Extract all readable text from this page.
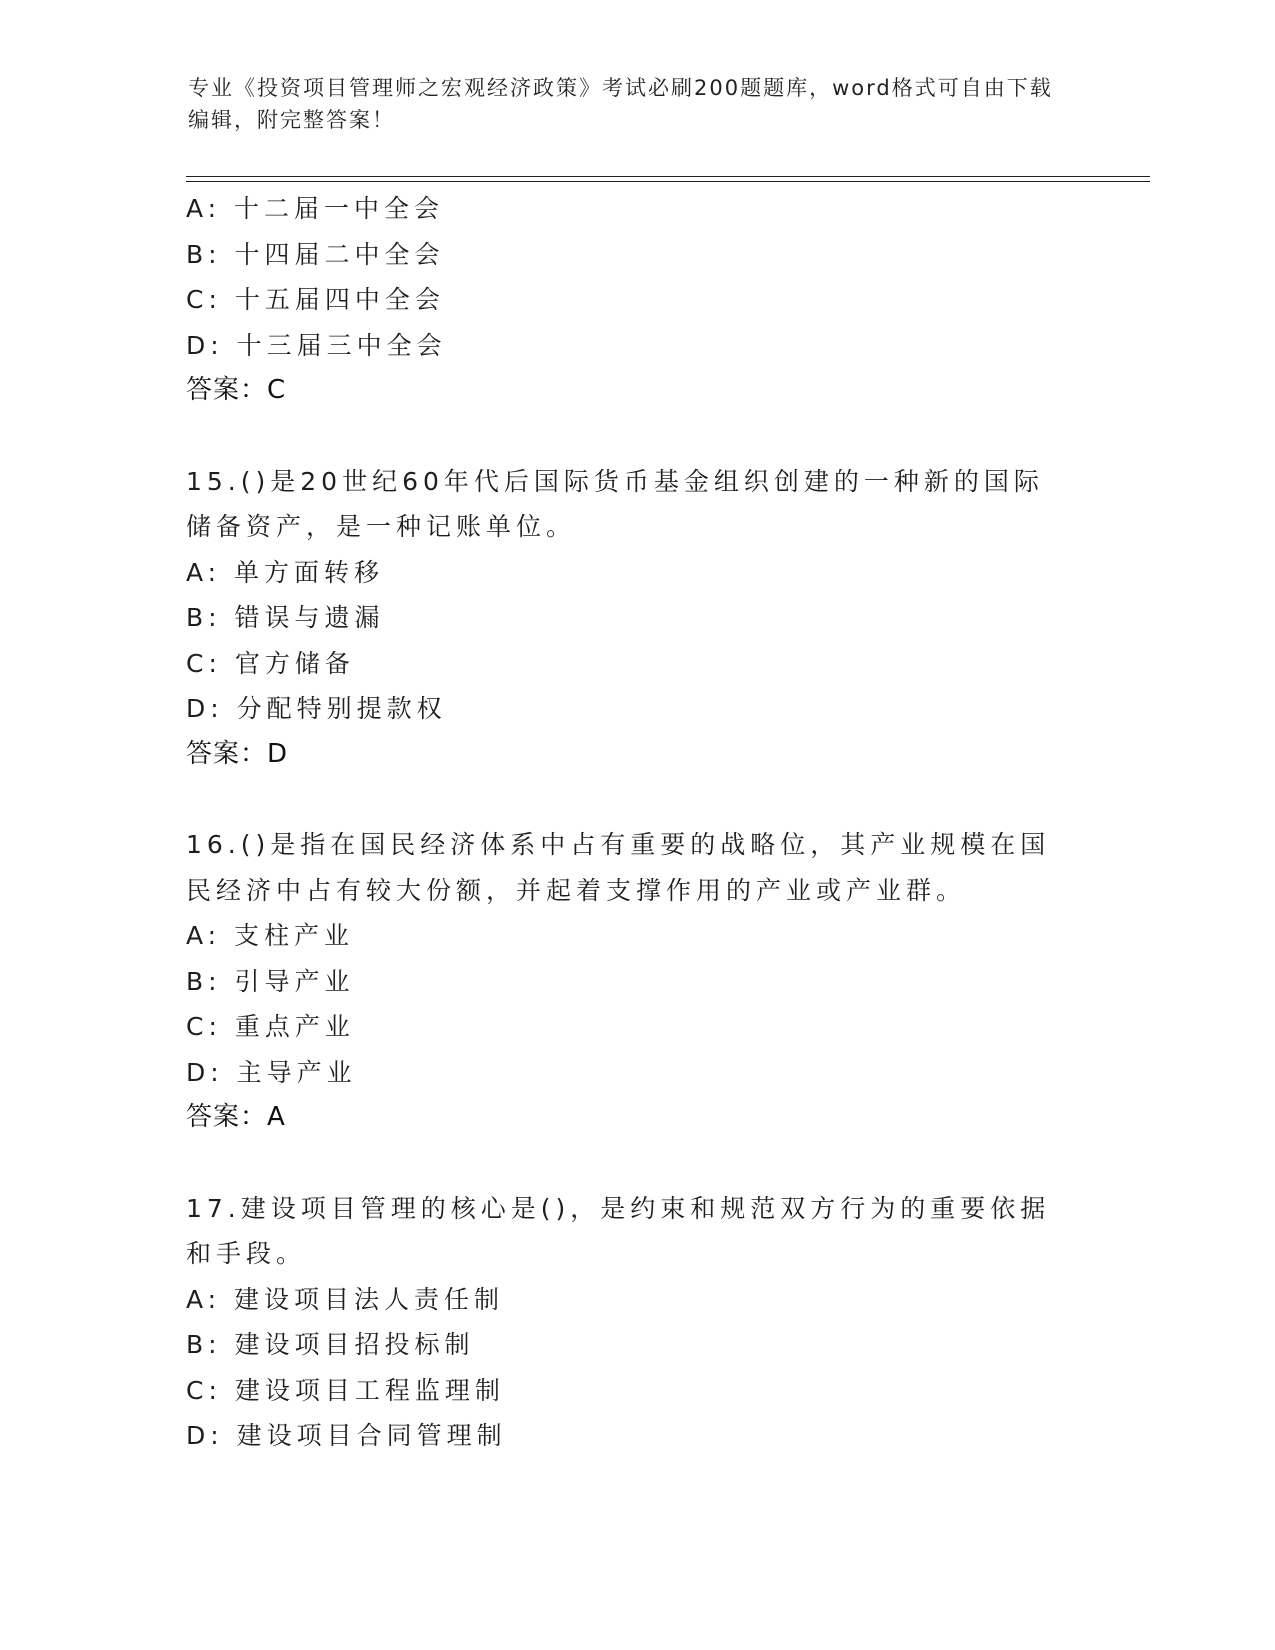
专业《投资项目管理师之宏观经济政策》考试必刷200题题库，word格式可自由下载编辑，附完整答案！
A: 十二届一中全会
B: 十四届二中全会
C: 十五届四中全会
D: 十三届三中全会
答案：C
15.()是20世纪60年代后国际货币基金组织创建的一种新的国际储备资产，是一种记账单位。
A: 单方面转移
B: 错误与遗漏
C: 官方储备
D: 分配特别提款权
答案：D
16.()是指在国民经济体系中占有重要的战略位，其产业规模在国民经济中占有较大份额，并起着支撑作用的产业或产业群。
A: 支柱产业
B: 引导产业
C: 重点产业
D: 主导产业
答案：A
17.建设项目管理的核心是()，是约束和规范双方行为的重要依据和手段。
A: 建设项目法人责任制
B: 建设项目招投标制
C: 建设项目工程监理制
D: 建设项目合同管理制
